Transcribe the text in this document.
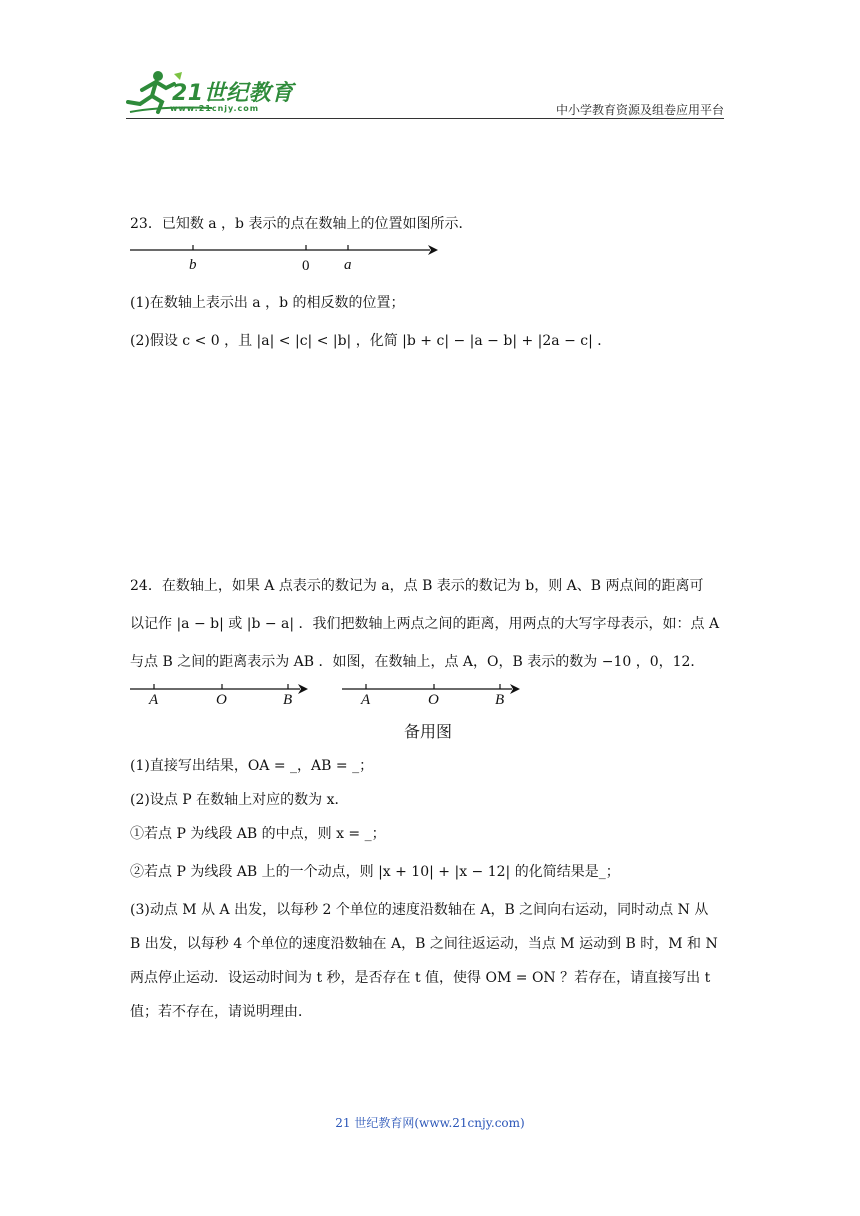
21世纪教育
www.21cnjy.com	中小学教育资源及组卷应用平台
23．已知数 a ，b 表示的点在数轴上的位置如图所示．
b	0 a
(1)在数轴上表示出 a ，b 的相反数的位置；
(2)假设 c < 0 ，且 |a| < |c| < |b| ，化简 |b + c| − |a − b| + |2a − c| ．
24．在数轴上，如果 A 点表示的数记为 a，点 B 表示的数记为 b，则 A、B 两点间的距离可
以记作 |a − b| 或 |b − a| ．我们把数轴上两点之间的距离，用两点的大写字母表示，如：点 A
与点 B 之间的距离表示为 AB ．如图，在数轴上，点 A，O，B 表示的数为 −10 ，0，12．
A	O	B	A	O	B
备用图
(1)直接写出结果，OA = _，AB = _；
(2)设点 P 在数轴上对应的数为 x．
①若点 P 为线段 AB 的中点，则 x = _；
②若点 P 为线段 AB 上的一个动点，则 |x + 10| + |x − 12| 的化简结果是_；
(3)动点 M 从 A 出发，以每秒 2 个单位的速度沿数轴在 A，B 之间向右运动，同时动点 N 从
B 出发，以每秒 4 个单位的速度沿数轴在 A，B 之间往返运动，当点 M 运动到 B 时，M 和 N
两点停止运动．设运动时间为 t 秒，是否存在 t 值，使得 OM = ON ？若存在，请直接写出 t
值；若不存在，请说明理由．
21 世纪教育网(www.21cnjy.com)
